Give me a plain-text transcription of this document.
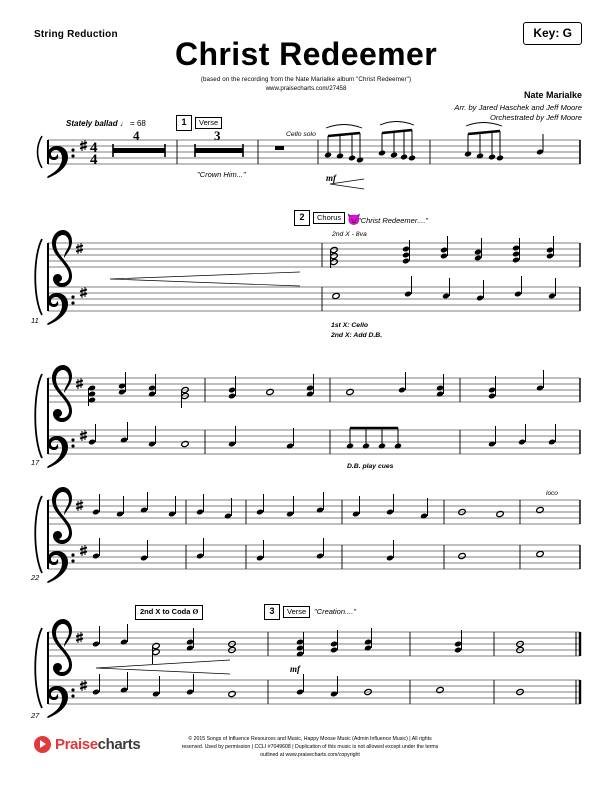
String Reduction	Key: G
Christ Redeemer
(based on the recording from the Nate Marialke album "Christ Redeemer")
www.praisecharts.com/27458
Nate Marialke
Arr. by Jared Haschek and Jeff Moore
Orchestrated by Jeff Moore
4
4
4	3
Stately ballad ♩ = 68	1	Verse
Cello solo
"Crown Him..."	mf
2	Chorus 😈
"Christ Redeemer...."
2nd X - 8va
11
1st X: Cello
2nd X: Add D.B.
17	D.B. play cues
loco
22
2nd X to Coda Ø	3	Verse	"Creation...."
mf
27
Praisecharts	© 2015 Songs of Influence Resources and Music, Happy Moose Music (Admin Influence Music) | All rights
reserved. Used by permission | CCLI #7049608 | Duplication of this music is not allowed except under the terms
outlined at www.praisecharts.com/copyright
